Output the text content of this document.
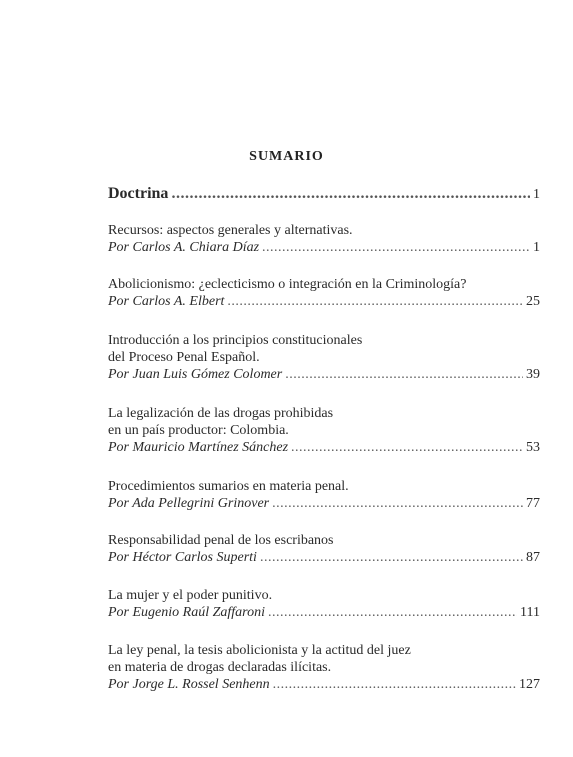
SUMARIO
Doctrina .....	1
Recursos: aspectos generales y alternativas.
Por Carlos A. Chiara Díaz .....	1
Abolicionismo: ¿eclecticismo o integración en la Criminología?
Por Carlos A. Elbert .....	25
Introducción a los principios constitucionales
del Proceso Penal Español.
Por Juan Luis Gómez Colomer .....	39
La legalización de las drogas prohibidas
en un país productor: Colombia.
Por Mauricio Martínez Sánchez .....	53
Procedimientos sumarios en materia penal.
Por Ada Pellegrini Grinover .....	77
Responsabilidad penal de los escribanos
Por Héctor Carlos Superti .....	87
La mujer y el poder punitivo.
Por Eugenio Raúl Zaffaroni .....	111
La ley penal, la tesis abolicionista y la actitud del juez
en materia de drogas declaradas ilícitas.
Por Jorge L. Rossel Senhenn .....	127
